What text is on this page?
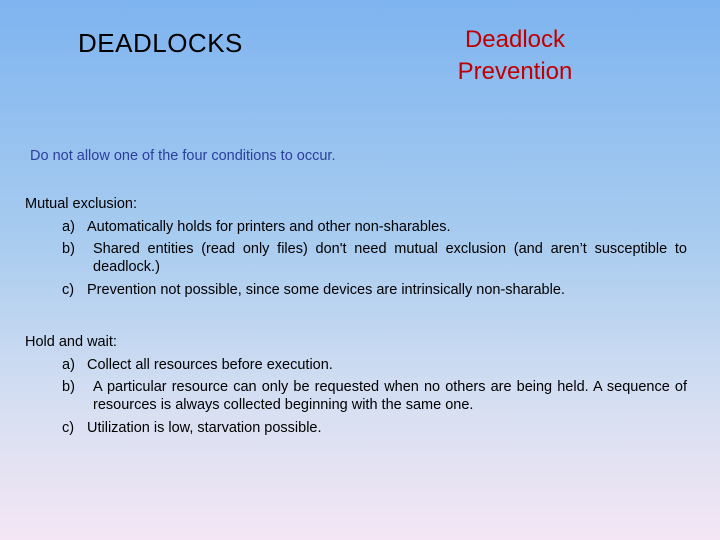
DEADLOCKS	Deadlock
Prevention
Do not allow one of the four conditions to occur.
Mutual exclusion:
a) Automatically holds for printers and other non-sharables.
b)	Shared entities (read only files) don't need mutual exclusion (and aren’t susceptible to deadlock.)
c) Prevention not possible, since some devices are intrinsically non-sharable.
Hold and wait:
a) Collect all resources before execution.
b)	A particular resource can only be requested when no others are being held. A sequence of resources is always collected beginning with the same one.
c) Utilization is low, starvation possible.
